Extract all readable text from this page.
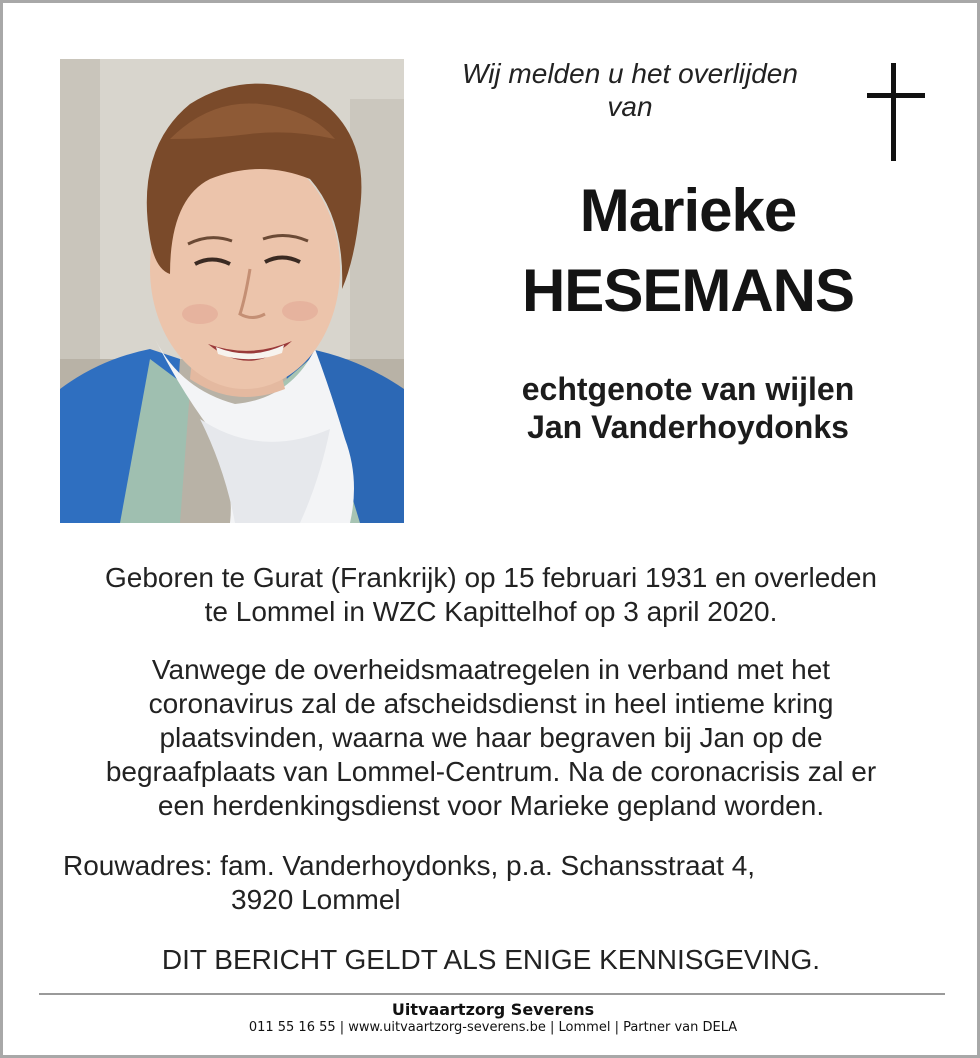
Wij melden u het overlijden
van
Marieke
HESEMANS
echtgenote van wijlen
Jan Vanderhoydonks
Geboren te Gurat (Frankrijk) op 15 februari 1931 en overleden
te Lommel in WZC Kapittelhof op 3 april 2020.
Vanwege de overheidsmaatregelen in verband met het
coronavirus zal de afscheidsdienst in heel intieme kring
plaatsvinden, waarna we haar begraven bij Jan op de
begraafplaats van Lommel-Centrum. Na de coronacrisis zal er
een herdenkingsdienst voor Marieke gepland worden.
Rouwadres: fam. Vanderhoydonks, p.a. Schansstraat 4,
3920 Lommel
DIT BERICHT GELDT ALS ENIGE KENNISGEVING.
Uitvaartzorg Severens
011 55 16 55 | www.uitvaartzorg-severens.be | Lommel | Partner van DELA
